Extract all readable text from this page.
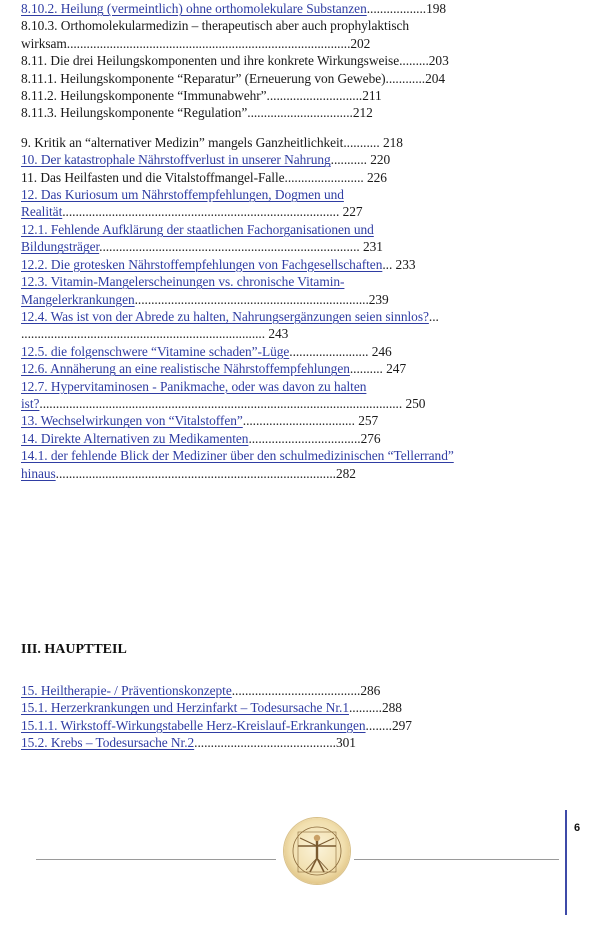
8.10.2. Heilung (vermeintlich) ohne orthomolekulare Substanzen..................198
8.10.3. Orthomolekularmedizin – therapeutisch aber auch prophylaktisch
wirksam......................................................................................202
8.11. Die drei Heilungskomponenten und ihre konkrete Wirkungsweise.........203
8.11.1. Heilungskomponente “Reparatur” (Erneuerung von Gewebe)............204
8.11.2. Heilungskomponente “Immunabwehr”.............................211
8.11.3. Heilungskomponente “Regulation”................................212
9. Kritik an “alternativer Medizin” mangels Ganzheitlichkeit........... 218
10. Der katastrophale Nährstoffverlust in unserer Nahrung........... 220
11. Das Heilfasten und die Vitalstoffmangel-Falle........................ 226
12. Das Kuriosum um Nährstoffempfehlungen, Dogmen und
Realität.................................................................................... 227
12.1. Fehlende Aufklärung der staatlichen Fachorganisationen und
Bildungsträger............................................................................... 231
12.2. Die grotesken Nährstoffempfehlungen von Fachgesellschaften... 233
12.3. Vitamin-Mangelerscheinungen vs. chronische Vitamin-
Mangelerkrankungen.......................................................................239
12.4. Was ist von der Abrede zu halten, Nahrungsergänzungen seien sinnlos?...
.......................................................................... 243
12.5. die folgenschwere “Vitamine schaden”-Lüge........................ 246
12.6. Annäherung an eine realistische Nährstoffempfehlungen.......... 247
12.7. Hypervitaminosen - Panikmache, oder was davon zu halten
ist?.............................................................................................................. 250
13. Wechselwirkungen von “Vitalstoffen”.................................. 257
14. Direkte Alternativen zu Medikamenten..................................276
14.1. der fehlende Blick der Mediziner über den schulmedizinischen “Tellerrand”
hinaus.....................................................................................282
III. HAUPTTEIL
15. Heiltherapie- / Präventionskonzepte.......................................286
15.1. Herzerkrankungen und Herzinfarkt – Todesursache Nr.1..........288
15.1.1. Wirkstoff-Wirkungstabelle Herz-Kreislauf-Erkrankungen........297
15.2. Krebs – Todesursache Nr.2...........................................301
6
